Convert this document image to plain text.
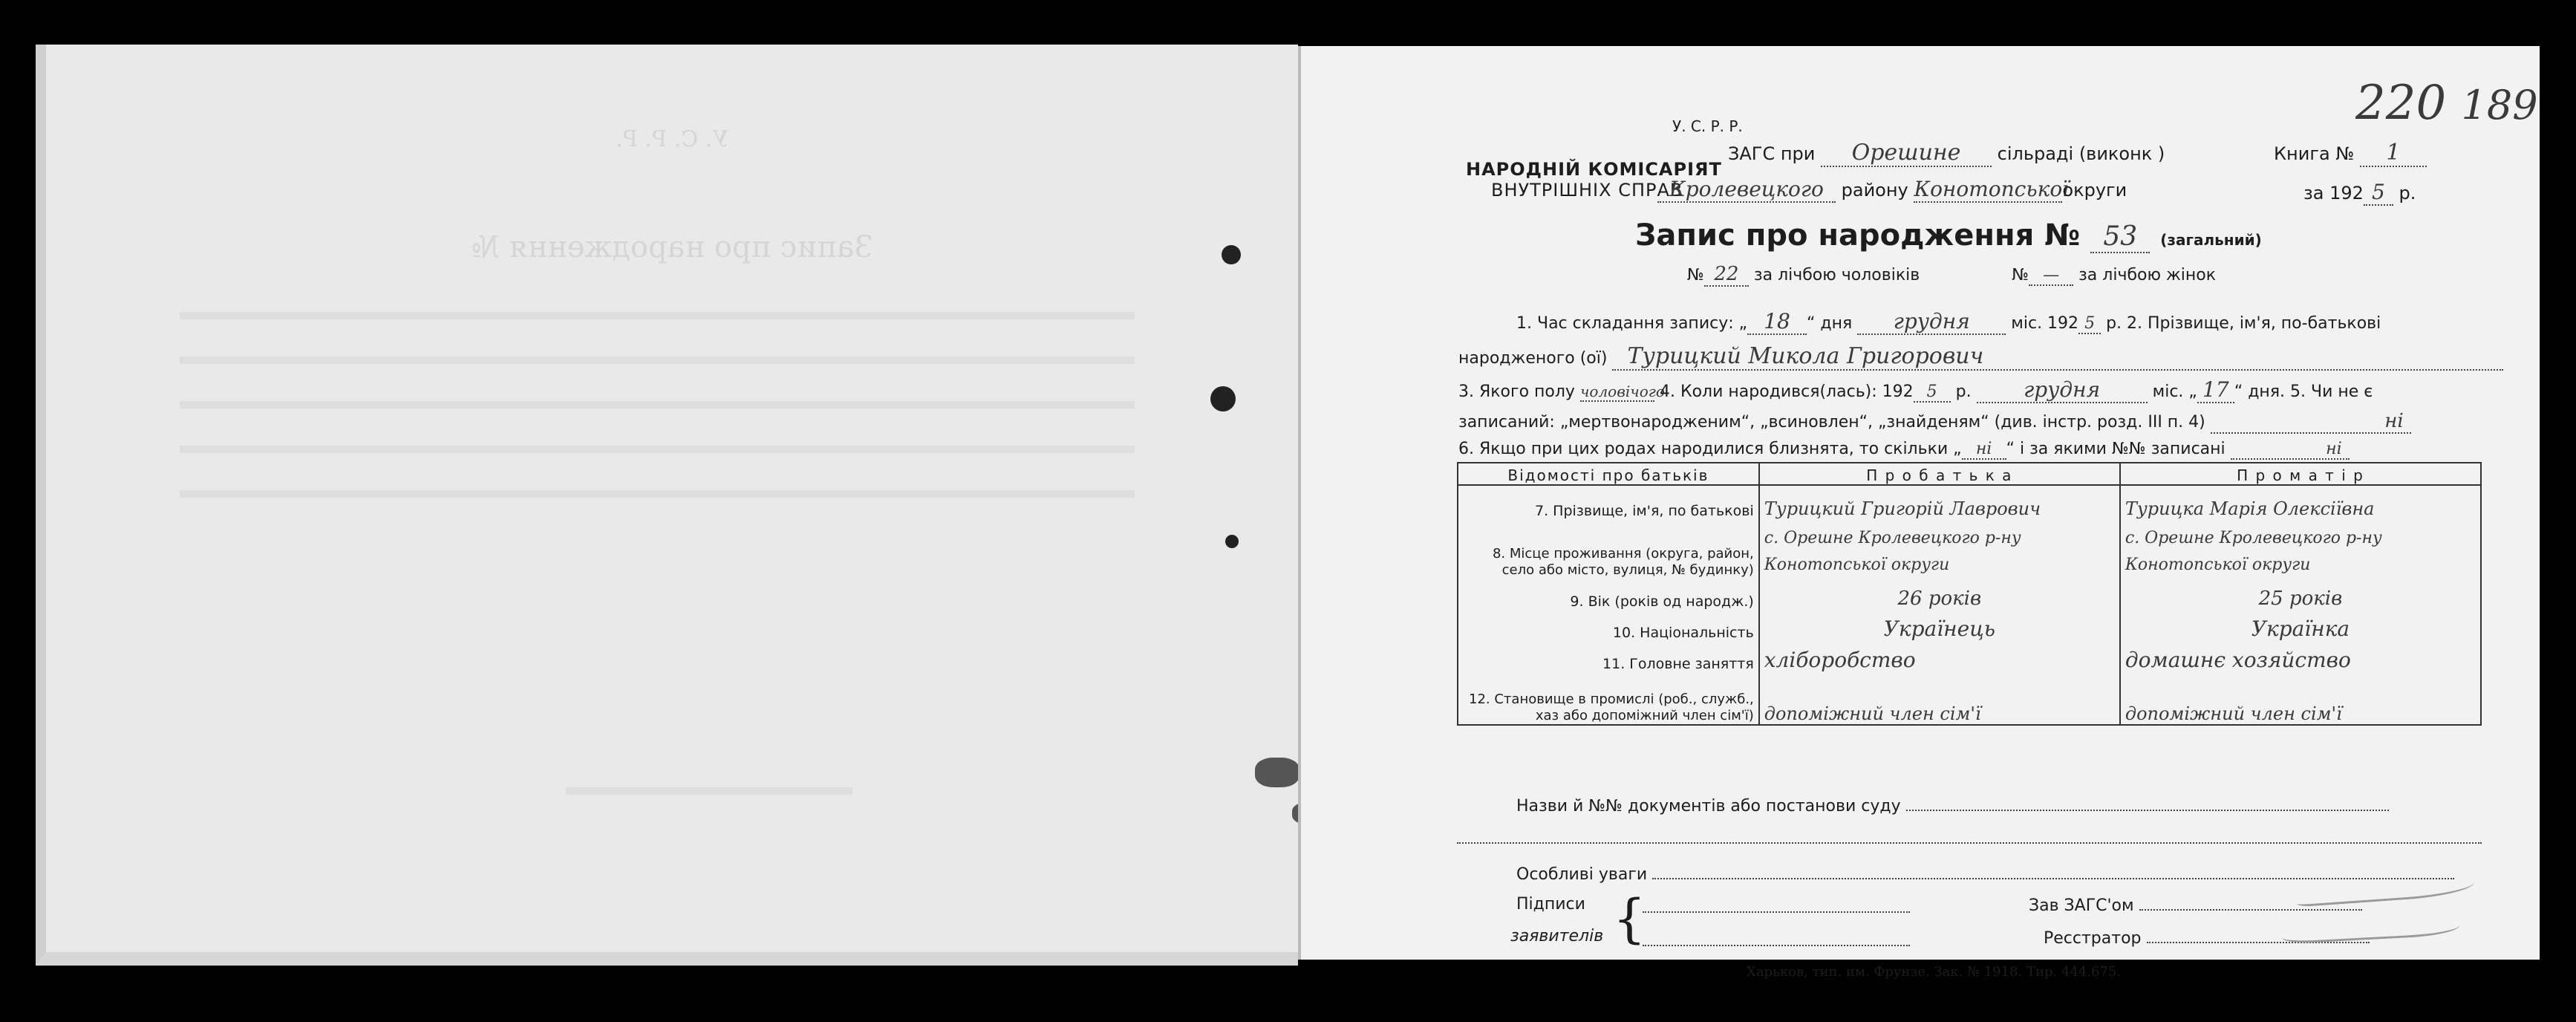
У. С. Р. Р.
Запис про народження №
220 189
У. С. Р. Р.
НАРОДНІЙ КОМІСАРІЯТ
ВНУТРІШНІХ СПРАВ
ЗАГС при Орешине сільраді (виконк )
Кролевецкого району Конотопськоїокруги
Книга № 1
за 192 5 р.
Запис про народження № 53 (загальний)
№ 22 за лічбою чоловіків	№ — за лічбою жінок
1. Час складання запису: „ 18 “ дня грудня	міс. 192 5 р. 2. Прізвище, ім'я, по-батькові
народженого (ої) Турицкий Микола Григорович
3. Якого полу чоловічого 4. Коли народився(лась): 192 5 р.	грудня	міс. „ 17 “ дня. 5. Чи не є
записаний: „мертвонародженим“, „всиновлен“, „знайденям“ (див. інстр. розд. III п. 4)	ні
6. Якщо при цих родах народилися близнята, то скільки „ ні “ і за якими №№ записані	ні
Відомості про батьків	П р о б а т ь к а	П р о м а т і р
7. Прізвище, ім'я, по батькові	Турицкий Григорій Лаврович	Турицка Марія Олексіївна
8. Місце проживання (округа, район, село або місто, вулиця, № будинку)	с. Орешне Кролевецкого р-ну Конотопської округи	с. Орешне Кролевецкого р-ну Конотопської округи
9. Вік (років од народж.)	26 років	25 років
10. Національність	Українець	Українка
11. Головне заняття	хліборобство	домашнє хозяйство
12. Становище в промислі (роб., служб., хаз або допоміжний член сім'ї)	допоміжний член сім'ї	допоміжний член сім'ї
Назви й №№ документів або постанови суду
Особливі уваги
Підписи
заявителів {	Зав ЗАГС'ом
Ресстратор
Харьков, тип. им. Фрунзе. Зак. № 1918. Тир. 444.675.
